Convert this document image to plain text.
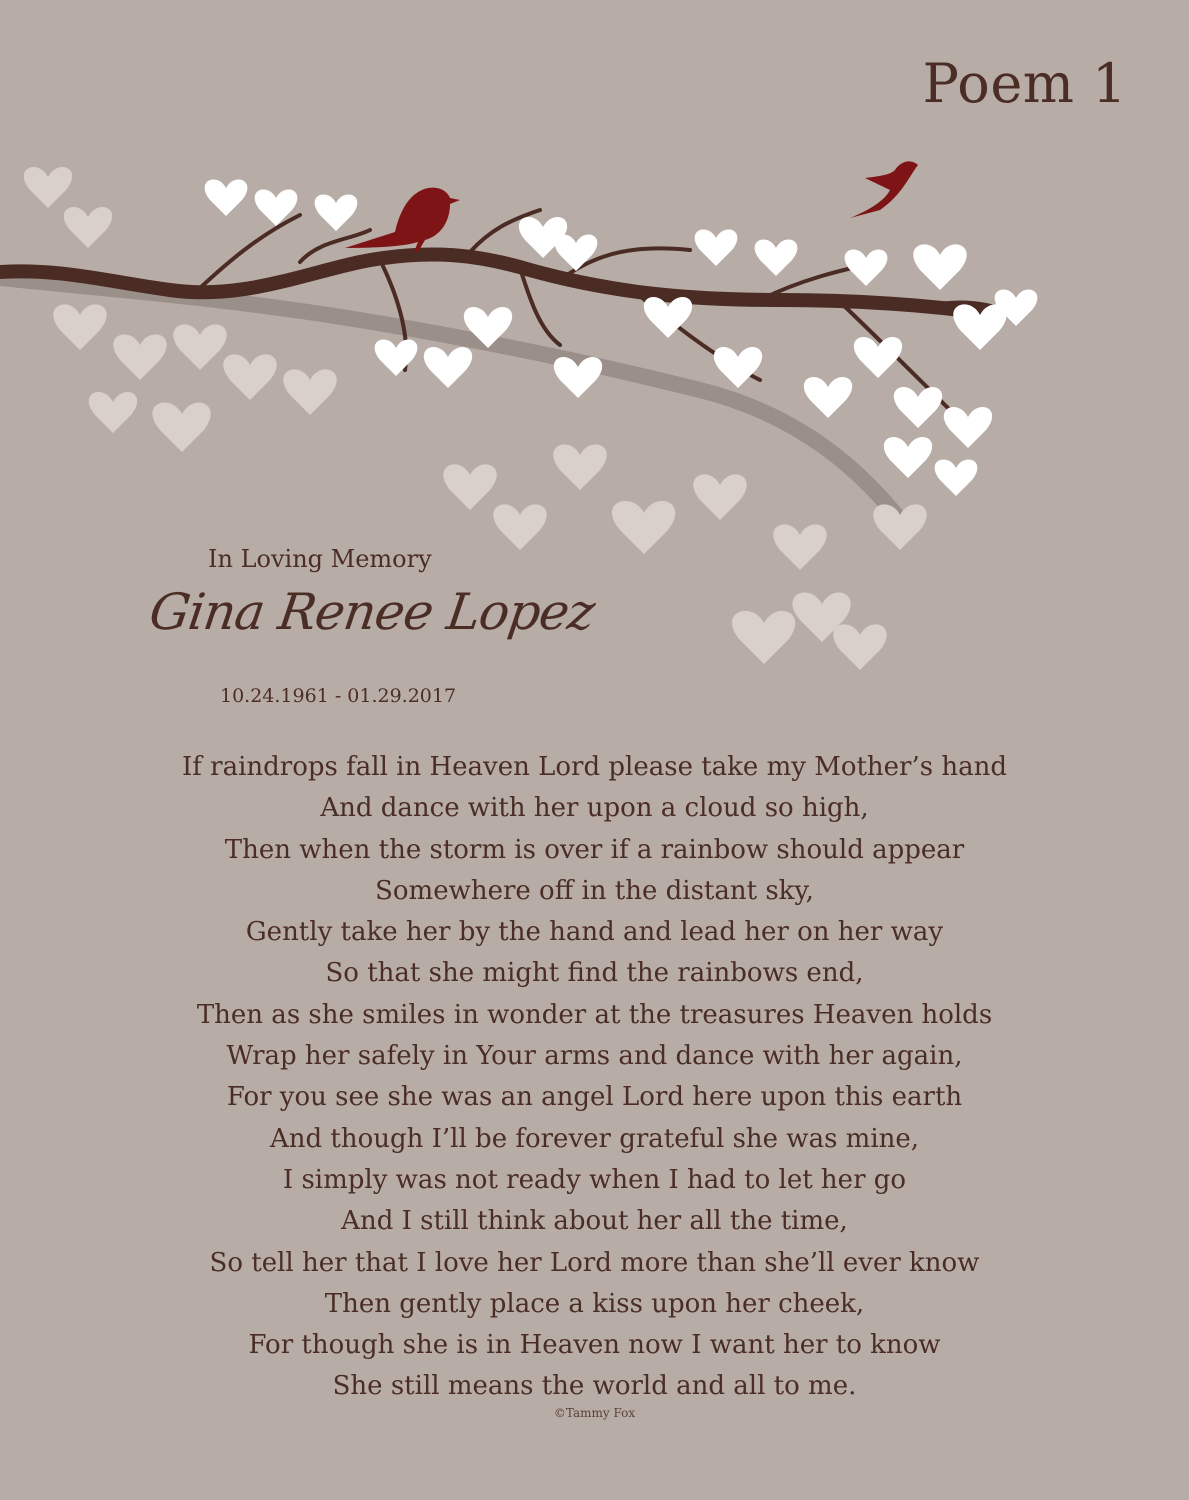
Poem 1
In Loving Memory
Gina Renee Lopez
10.24.1961 - 01.29.2017
If raindrops fall in Heaven Lord please take my Mother’s hand
And dance with her upon a cloud so high,
Then when the storm is over if a rainbow should appear
Somewhere off in the distant sky,
Gently take her by the hand and lead her on her way
So that she might find the rainbows end,
Then as she smiles in wonder at the treasures Heaven holds
Wrap her safely in Your arms and dance with her again,
For you see she was an angel Lord here upon this earth
And though I’ll be forever grateful she was mine,
I simply was not ready when I had to let her go
And I still think about her all the time,
So tell her that I love her Lord more than she’ll ever know
Then gently place a kiss upon her cheek,
For though she is in Heaven now I want her to know
She still means the world and all to me.
©Tammy Fox
